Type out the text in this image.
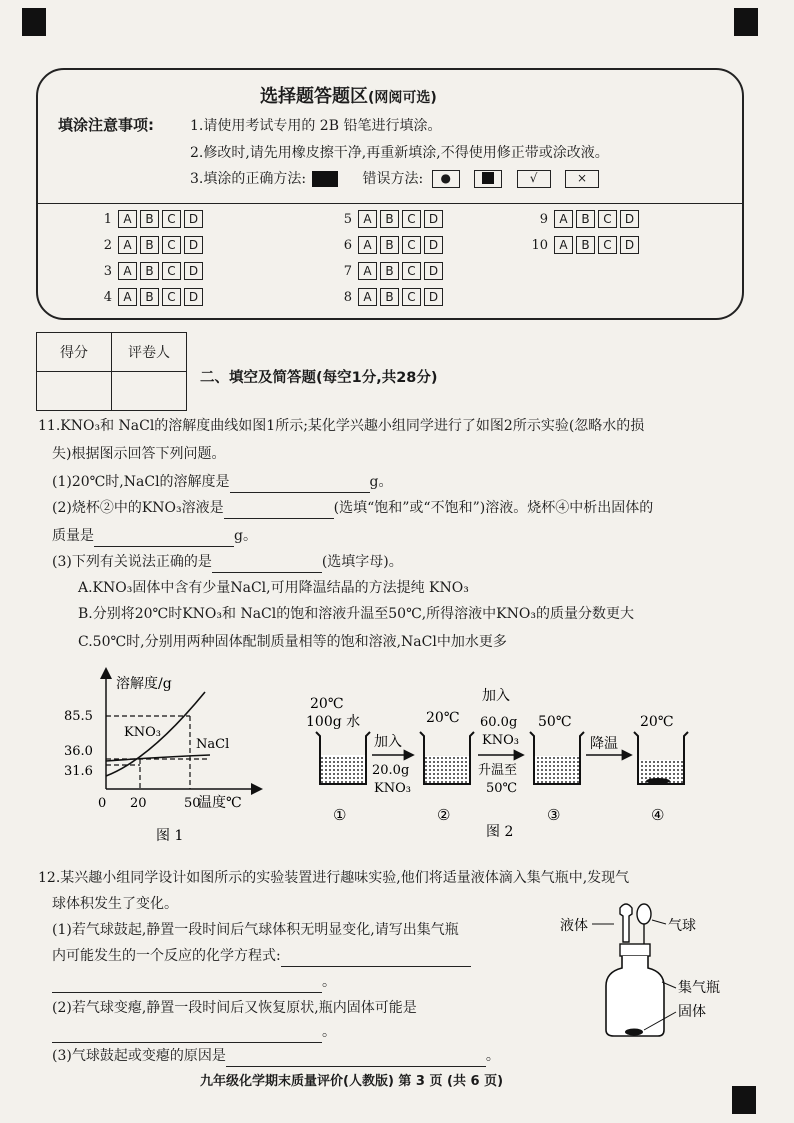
选择题答题区(网阅可选)
填涂注意事项:	1.请使用考试专用的 2B 铅笔进行填涂。
2.修改时,请先用橡皮擦干净,再重新填涂,不得使用修正带或涂改液。
3.填涂的正确方法:	错误方法: ●	√	×
1 A	B	C	D
2 A	B	C	D
3 A	B	C	D
4 A	B	C	D
5 A	B	C	D
6 A	B	C	D
7 A	B	C	D
8 A	B	C	D
9 A	B	C	D
10 A	B	C	D
得分	评卷人

二、填空及简答题(每空1分,共28分)
11.KNO₃和 NaCl的溶解度曲线如图1所示;某化学兴趣小组同学进行了如图2所示实验(忽略水的损
失)根据图示回答下列问题。
(1)20℃时,NaCl的溶解度是	g。
(2)烧杯②中的KNO₃溶液是	(选填“饱和”或“不饱和”)溶液。烧杯④中析出固体的
质量是	g。
(3)下列有关说法正确的是	(选填字母)。
A.KNO₃固体中含有少量NaCl,可用降温结晶的方法提纯 KNO₃
B.分别将20℃时KNO₃和 NaCl的饱和溶液升温至50℃,所得溶液中KNO₃的质量分数更大
C.50℃时,分别用两种固体配制质量相等的饱和溶液,NaCl中加水更多
溶解度/g
温度℃
85.5
36.0
31.6
0 20	50
KNO₃
NaCl
图 1
20℃
100g 水
①
加入
20.0g
KNO₃
20℃
②
加入
60.0g
KNO₃
升温至
50℃
50℃
③
降温
20℃
④
图 2
12.某兴趣小组同学设计如图所示的实验装置进行趣味实验,他们将适量液体滴入集气瓶中,发现气
球体积发生了变化。
(1)若气球鼓起,静置一段时间后气球体积无明显变化,请写出集气瓶
内可能发生的一个反应的化学方程式:
。
(2)若气球变瘪,静置一段时间后又恢复原状,瓶内固体可能是
。
(3)气球鼓起或变瘪的原因是	。
液体	气球
集气瓶
固体
九年级化学期末质量评价(人教版) 第 3 页 (共 6 页)
